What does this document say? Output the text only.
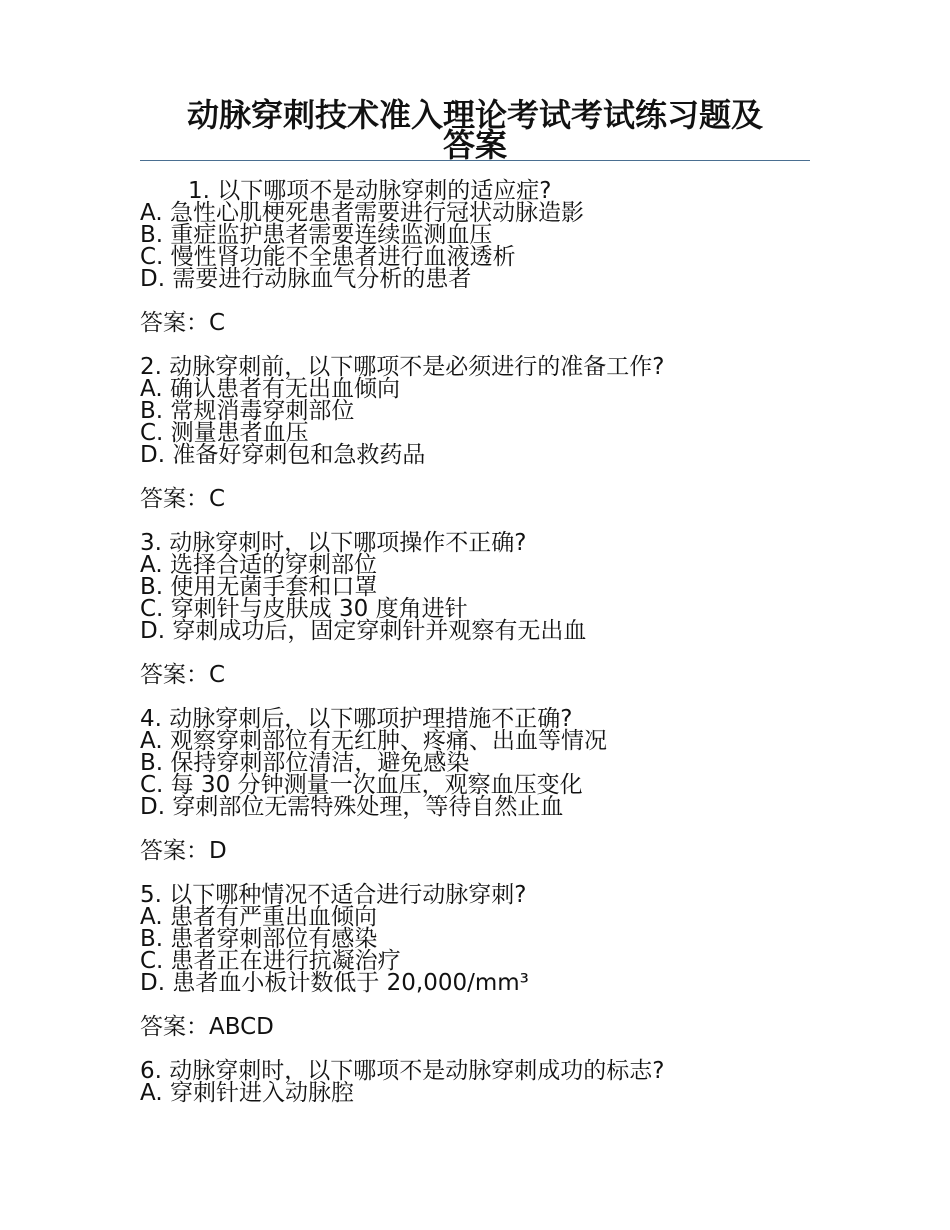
动脉穿刺技术准入理论考试考试练习题及
答案
1. 以下哪项不是动脉穿刺的适应症?
A. 急性心肌梗死患者需要进行冠状动脉造影
B. 重症监护患者需要连续监测血压
C. 慢性肾功能不全患者进行血液透析
D. 需要进行动脉血气分析的患者
答案：C
2. 动脉穿刺前，以下哪项不是必须进行的准备工作?
A. 确认患者有无出血倾向
B. 常规消毒穿刺部位
C. 测量患者血压
D. 准备好穿刺包和急救药品
答案：C
3. 动脉穿刺时，以下哪项操作不正确?
A. 选择合适的穿刺部位
B. 使用无菌手套和口罩
C. 穿刺针与皮肤成 30 度角进针
D. 穿刺成功后，固定穿刺针并观察有无出血
答案：C
4. 动脉穿刺后，以下哪项护理措施不正确?
A. 观察穿刺部位有无红肿、疼痛、出血等情况
B. 保持穿刺部位清洁，避免感染
C. 每 30 分钟测量一次血压，观察血压变化
D. 穿刺部位无需特殊处理，等待自然止血
答案：D
5. 以下哪种情况不适合进行动脉穿刺?
A. 患者有严重出血倾向
B. 患者穿刺部位有感染
C. 患者正在进行抗凝治疗
D. 患者血小板计数低于 20,000/mm³
答案：ABCD
6. 动脉穿刺时，以下哪项不是动脉穿刺成功的标志?
A. 穿刺针进入动脉腔
